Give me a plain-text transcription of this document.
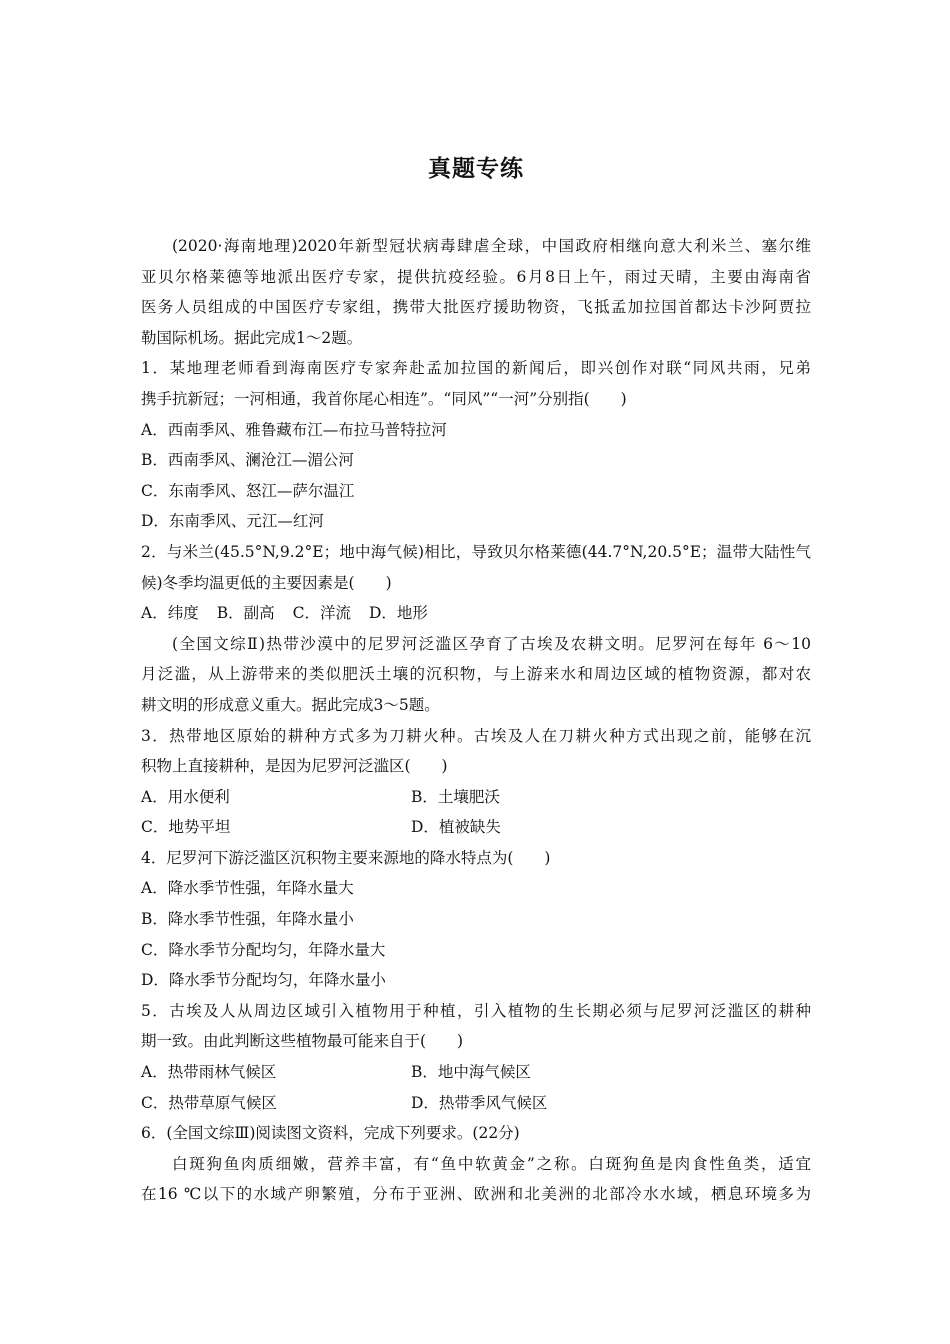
真题专练
(2020·海南地理)2020年新型冠状病毒肆虐全球，中国政府相继向意大利米兰、塞尔维
亚贝尔格莱德等地派出医疗专家，提供抗疫经验。6月8日上午，雨过天晴，主要由海南省
医务人员组成的中国医疗专家组，携带大批医疗援助物资，飞抵孟加拉国首都达卡沙阿贾拉
勒国际机场。据此完成1～2题。
1．某地理老师看到海南医疗专家奔赴孟加拉国的新闻后，即兴创作对联“同风共雨，兄弟
携手抗新冠；一河相通，我首你尾心相连”。“同风”“一河”分别指(　　)
A．西南季风、雅鲁藏布江—布拉马普特拉河
B．西南季风、澜沧江—湄公河
C．东南季风、怒江—萨尔温江
D．东南季风、元江—红河
2．与米兰(45.5°N,9.2°E；地中海气候)相比，导致贝尔格莱德(44.7°N,20.5°E；温带大陆性气
候)冬季均温更低的主要因素是(　　)
A．纬度 B．副高 C．洋流 D．地形
(全国文综Ⅱ)热带沙漠中的尼罗河泛滥区孕育了古埃及农耕文明。尼罗河在每年 6～10
月泛滥，从上游带来的类似肥沃土壤的沉积物，与上游来水和周边区域的植物资源，都对农
耕文明的形成意义重大。据此完成3～5题。
3．热带地区原始的耕种方式多为刀耕火种。古埃及人在刀耕火种方式出现之前，能够在沉
积物上直接耕种，是因为尼罗河泛滥区(　　)
A．用水便利	B．土壤肥沃
C．地势平坦	D．植被缺失
4．尼罗河下游泛滥区沉积物主要来源地的降水特点为(　　)
A．降水季节性强，年降水量大
B．降水季节性强，年降水量小
C．降水季节分配均匀，年降水量大
D．降水季节分配均匀，年降水量小
5．古埃及人从周边区域引入植物用于种植，引入植物的生长期必须与尼罗河泛滥区的耕种
期一致。由此判断这些植物最可能来自于(　　)
A．热带雨林气候区	B．地中海气候区
C．热带草原气候区	D．热带季风气候区
6．(全国文综Ⅲ)阅读图文资料，完成下列要求。(22分)
白斑狗鱼肉质细嫩，营养丰富，有“鱼中软黄金”之称。白斑狗鱼是肉食性鱼类，适宜
在16 ℃以下的水域产卵繁殖，分布于亚洲、欧洲和北美洲的北部冷水水域，栖息环境多为
